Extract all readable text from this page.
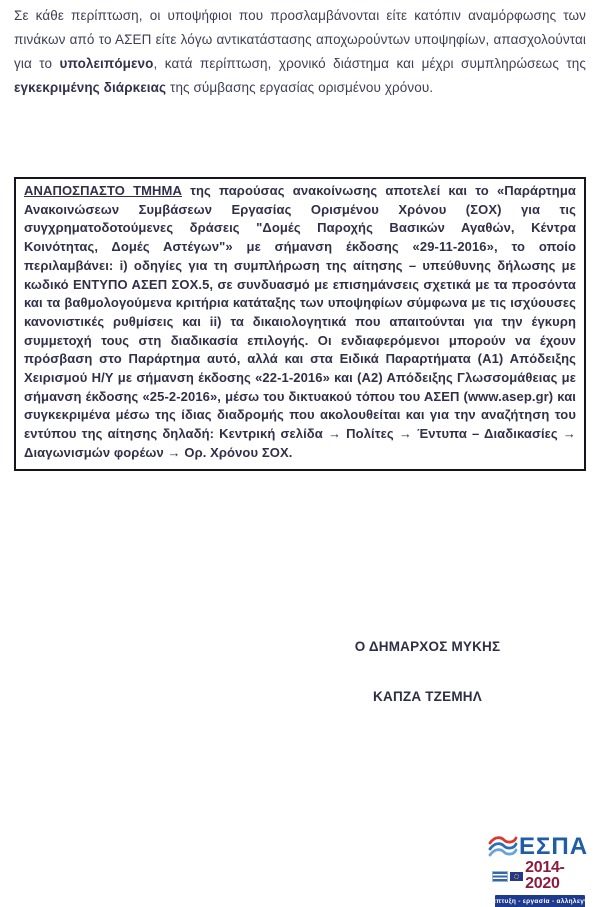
Σε κάθε περίπτωση, οι υποψήφιοι που προσλαμβάνονται είτε κατόπιν αναμόρφωσης των πινάκων από το ΑΣΕΠ είτε λόγω αντικατάστασης αποχωρούντων υποψηφίων, απασχολούνται για το υπολειπόμενο, κατά περίπτωση, χρονικό διάστημα και μέχρι συμπληρώσεως της εγκεκριμένης διάρκειας της σύμβασης εργασίας ορισμένου χρόνου.

ΑΝΑΠΟΣΠΑΣΤΟ ΤΜΗΜΑ της παρούσας ανακοίνωσης αποτελεί και το «Παράρτημα Ανακοινώσεων Συμβάσεων Εργασίας Ορισμένου Χρόνου (ΣΟΧ) για τις συγχρηματοδοτούμενες δράσεις "Δομές Παροχής Βασικών Αγαθών, Κέντρα Κοινότητας, Δομές Αστέγων"» με σήμανση έκδοσης «29-11-2016», το οποίο περιλαμβάνει: i) οδηγίες για τη συμπλήρωση της αίτησης – υπεύθυνης δήλωσης με κωδικό ΕΝΤΥΠΟ ΑΣΕΠ ΣΟΧ.5, σε συνδυασμό με επισημάνσεις σχετικά με τα προσόντα και τα βαθμολογούμενα κριτήρια κατάταξης των υποψηφίων σύμφωνα με τις ισχύουσες κανονιστικές ρυθμίσεις και ii) τα δικαιολογητικά που απαιτούνται για την έγκυρη συμμετοχή τους στη διαδικασία επιλογής. Οι ενδιαφερόμενοι μπορούν να έχουν πρόσβαση στο Παράρτημα αυτό, αλλά και στα Ειδικά Παραρτήματα (Α1) Απόδειξης Χειρισμού Η/Υ με σήμανση έκδοσης «22-1-2016» και (Α2) Απόδειξης Γλωσσομάθειας με σήμανση έκδοσης «25-2-2016», μέσω του δικτυακού τόπου του ΑΣΕΠ (www.asep.gr) και συγκεκριμένα μέσω της ίδιας διαδρομής που ακολουθείται και για την αναζήτηση του εντύπου της αίτησης δηλαδή: Κεντρική σελίδα → Πολίτες → Έντυπα – Διαδικασίες → Διαγωνισμών φορέων → Ορ. Χρόνου ΣΟΧ.

Ο ΔΗΜΑΡΧΟΣ ΜΥΚΗΣ
ΚΑΠΖΑ ΤΖΕΜΗΛ
ΕΣΠΑ
2014-2020
ανάπτυξη - εργασία - αλληλεγγύη
